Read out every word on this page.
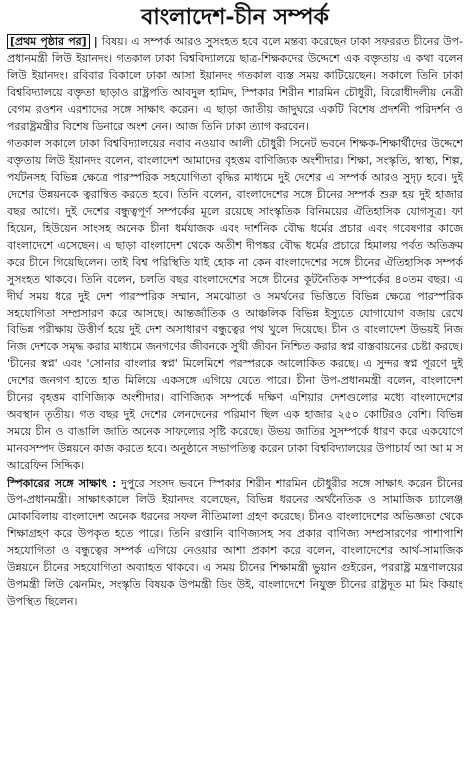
বাংলাদেশ-চীন সম্পর্ক

[প্রথম পৃষ্ঠার পর] | বিষয়। এ সম্পর্ক আরও সুসংহত হবে বলে মন্তব্য করেছেন ঢাকা সফররত চীনের উপ-প্রধানমন্ত্রী লিউ ইয়ানদং। গতকাল ঢাকা বিশ্ববিদ্যালয়ে ছাত্র-শিক্ষকদের উদ্দেশে এক বক্তৃতায় এ কথা বলেন লিউ ইয়ানদং। রবিবার বিকালে ঢাকা আসা ইয়ানদং গতকাল ব্যস্ত সময় কাটিয়েছেন। সকালে তিনি ঢাকা বিশ্ববিদ্যালয়ে বক্তৃতা ছাড়াও রাষ্ট্রপতি আবদুল হামিদ, স্পিকার শিরীন শারমিন চৌধুরী, বিরোধীদলীয় নেত্রী বেগম রওশন এরশাদের সঙ্গে সাক্ষাৎ করেন। এ ছাড়া জাতীয় জাদুঘরে একটি বিশেষ প্রদর্শনী পরিদর্শন ও পররাষ্ট্রমন্ত্রীর বিশেষ ডিনারে অংশ নেন। আজ তিনি ঢাকা ত্যাগ করবেন।

গতকাল সকালে ঢাকা বিশ্ববিদ্যালয়ের নবাব নওয়াব আলী চৌধুরী সিনেট ভবনে শিক্ষক-শিক্ষার্থীদের উদ্দেশে বক্তৃতায় লিউ ইয়ানদং বলেন, বাংলাদেশ আমাদের বৃহত্তম বাণিজ্যিক অংশীদার। শিক্ষা, সংস্কৃতি, স্বাস্থ্য, শিল্প, পর্যটনসহ বিভিন্ন ক্ষেত্রে পারস্পরিক সহযোগিতা বৃদ্ধির মাধ্যমে দুই দেশের এ সম্পর্ক আরও সুদৃঢ় হবে। দুই দেশের উন্নয়নকে ত্বরান্বিত করতে হবে। তিনি বলেন, বাংলাদেশের সঙ্গে চীনের সম্পর্ক শুরু হয় দুই হাজার বছর আগে। দুই দেশের বন্ধুত্বপূর্ণ সম্পর্কের মূলে রয়েছে সাংস্কৃতিক বিনিময়ের ঐতিহাসিক যোগসূত্র। ফা হিয়েন, হিউয়েন সাংসহ অনেক চীনা ধর্মযাজক এবং দার্শনিক বৌদ্ধ ধর্মের প্রচার এবং গবেষণার কাজে বাংলাদেশে এসেছেন। এ ছাড়া বাংলাদেশ থেকে অতীশ দীপঙ্কর বৌদ্ধ ধর্মের প্রচারে হিমালয় পর্বত অতিক্রম করে চীনে গিয়েছিলেন। তাই বিশ্ব পরিস্থিতি যাই হোক না কেন বাংলাদেশের সঙ্গে চীনের ঐতিহাসিক সম্পর্ক সুসংহত থাকবে। তিনি বলেন, চলতি বছর বাংলাদেশের সঙ্গে চীনের কূটনৈতিক সম্পর্কের ৪০তম বছর। এ দীর্ঘ সময় ধরে দুই দেশ পারস্পরিক সম্মান, সমঝোতা ও সমর্থনের ভিত্তিতে বিভিন্ন ক্ষেত্রে পারস্পরিক সহযোগিতা সম্প্রসারণ করে আসছে। আন্তর্জাতিক ও আঞ্চলিক বিভিন্ন ইস্যুতে যোগাযোগ বজায় রেখে বিভিন্ন পরীক্ষায় উত্তীর্ণ হয়ে দুই দেশ অসাধারণ বন্ধুত্বের পথ খুলে দিয়েছে। চীন ও বাংলাদেশ উভয়ই নিজ নিজ দেশকে সমৃদ্ধ করার মাধ্যমে জনগণের জীবনকে সুখী জীবন নিশ্চিত করার স্বপ্ন বাস্তবায়নের চেষ্টা করছে। 'চীনের স্বপ্ন' এবং 'সোনার বাংলার স্বপ্ন' মিলেমিশে পরস্পরকে আলোকিত করছে। এ সুন্দর স্বপ্ন পূরণে দুই দেশের জনগণ হাতে হাত মিলিয়ে একসঙ্গে এগিয়ে যেতে পারে। চীনা উপ-প্রধানমন্ত্রী বলেন, বাংলাদেশ চীনের বৃহত্তম বাণিজ্যিক অংশীদার। বাণিজ্যিক সম্পর্কে দক্ষিণ এশিয়ার দেশগুলোর মধ্যে বাংলাদেশের অবস্থান তৃতীয়। গত বছর দুই দেশের লেনদেনের পরিমাণ ছিল এক হাজার ২৫০ কোটিরও বেশি। বিভিন্ন সময়ে চীন ও বাঙালি জাতি অনেক সাফল্যের সৃষ্টি করেছে। উভয় জাতির সুসম্পর্কে ধারণ করে একযোগে মানবসম্পদ উন্নয়নে কাজ করতে হবে। অনুষ্ঠানে সভাপতিত্ব করেন ঢাকা বিশ্ববিদ্যালয়ের উপাচার্য আ আ ম স আরেফিন সিদ্দিক।

স্পিকারের সঙ্গে সাক্ষাৎ : দুপুরে সংসদ ভবনে স্পিকার শিরীন শারমিন চৌধুরীর সঙ্গে সাক্ষাৎ করেন চীনের উপ-প্রধানমন্ত্রী। সাক্ষাৎকালে লিউ ইয়ানদং বলেছেন, বিভিন্ন ধরনের অর্থনৈতিক ও সামাজিক চ্যালেঞ্জ মোকাবিলায় বাংলাদেশ অনেক ধরনের সফল নীতিমালা গ্রহণ করেছে। চীনও বাংলাদেশের অভিজ্ঞতা থেকে শিক্ষাগ্রহণ করে উপকৃত হতে পারে। তিনি রপ্তানি বাণিজ্যসহ সব প্রকার বাণিজ্য সম্প্রসারণের পাশাপাশি সহযোগিতা ও বন্ধুত্বের সম্পর্ক এগিয়ে নেওয়ার আশা প্রকাশ করে বলেন, বাংলাদেশের আর্থ-সামাজিক উন্নয়নে চীনের সহযোগিতা অব্যাহত থাকবে। এ সময় চীনের শিক্ষামন্ত্রী ভুয়ান গুইরেন, পররাষ্ট্র মন্ত্রণালয়ের উপমন্ত্রী লিউ ঝেনমিং, সংস্কৃতি বিষয়ক উপমন্ত্রী ডিং উই, বাংলাদেশে নিযুক্ত চীনের রাষ্ট্রদূত মা মিং কিয়াং উপস্থিত ছিলেন।
